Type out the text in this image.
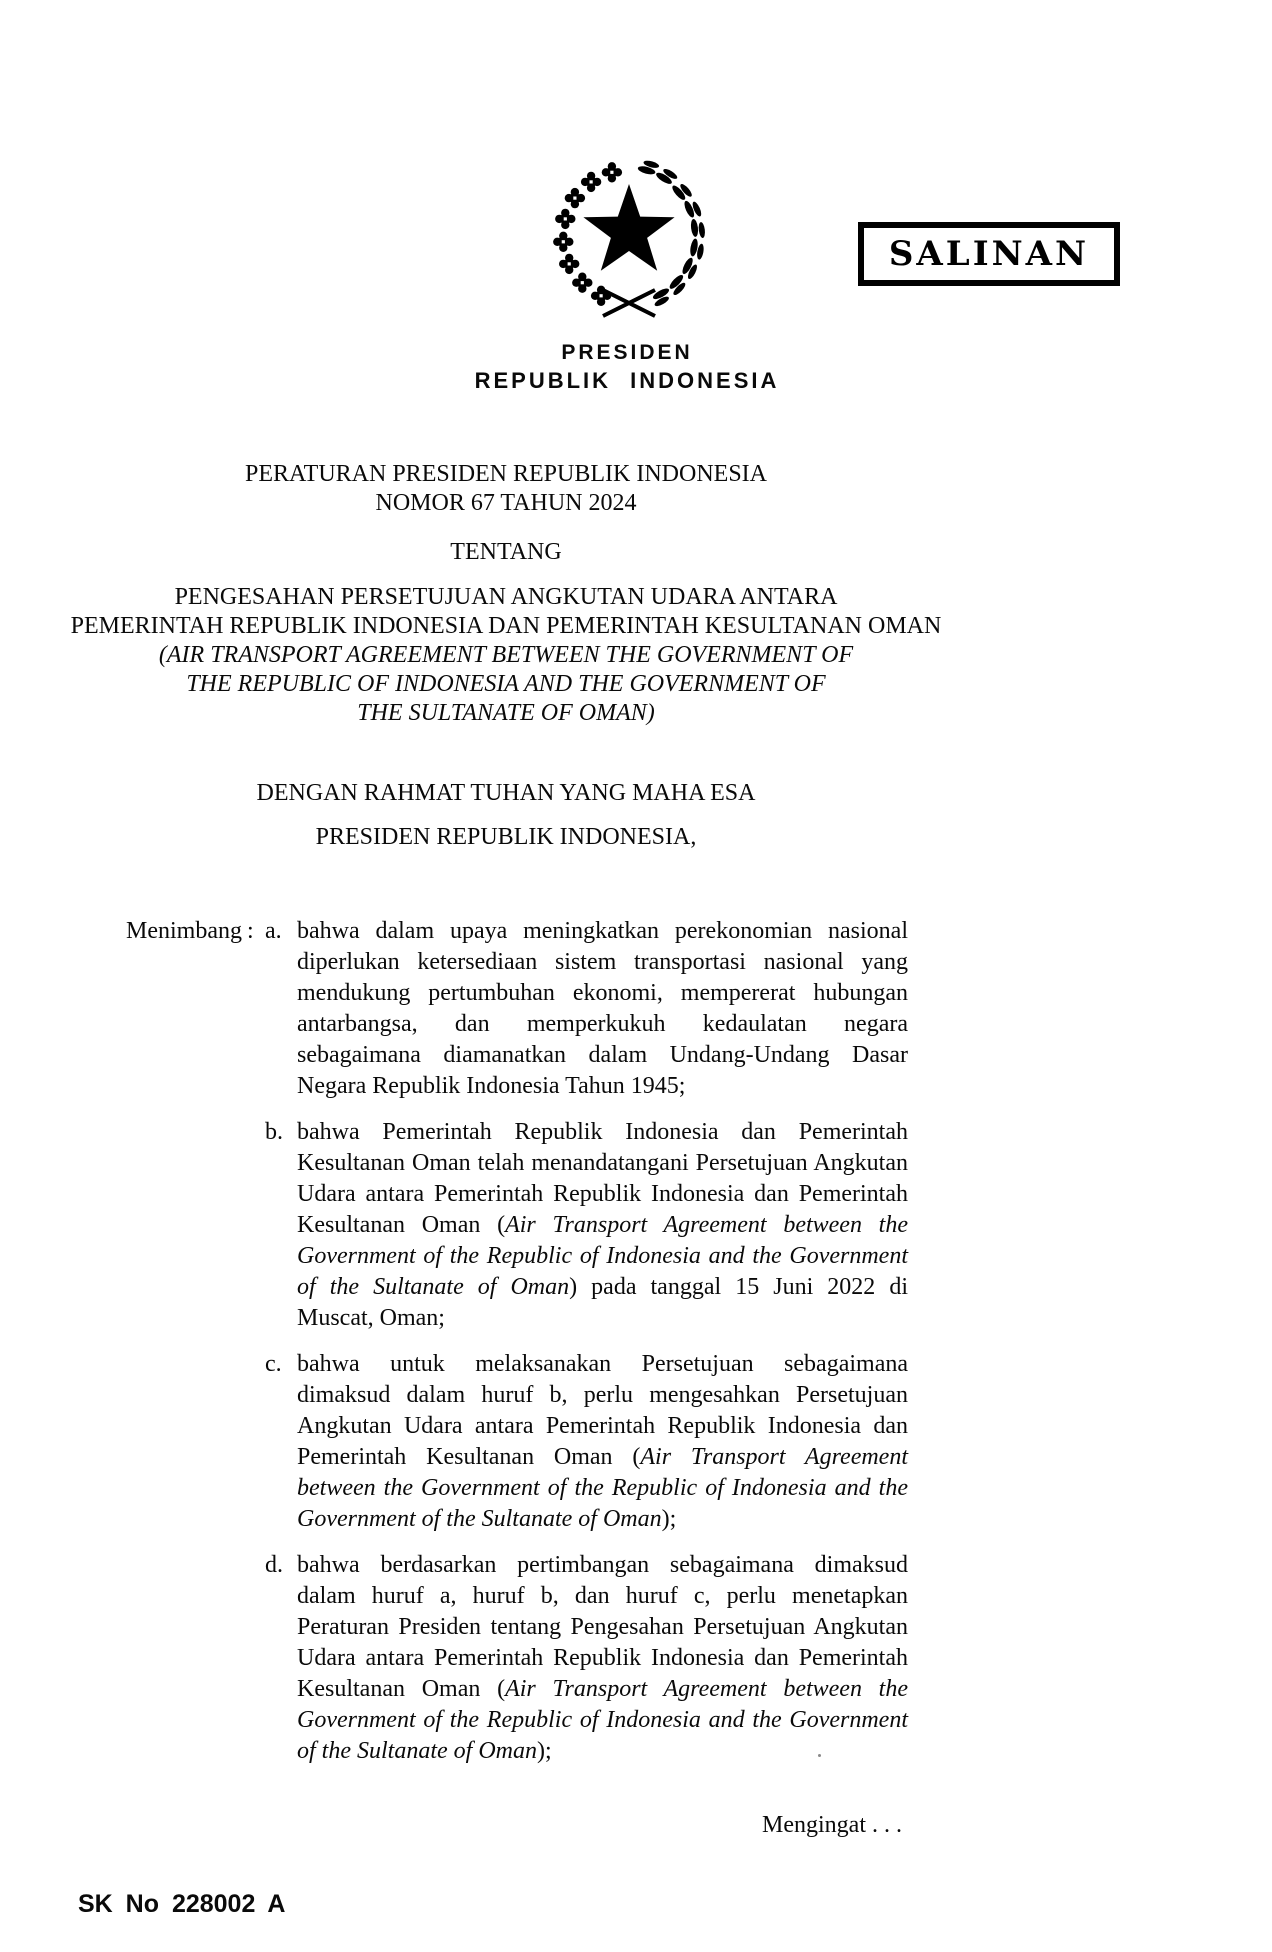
SALINAN
PRESIDEN
REPUBLIK INDONESIA
PERATURAN PRESIDEN REPUBLIK INDONESIA
NOMOR 67 TAHUN 2024
TENTANG
PENGESAHAN PERSETUJUAN ANGKUTAN UDARA ANTARA
PEMERINTAH REPUBLIK INDONESIA DAN PEMERINTAH KESULTANAN OMAN
(AIR TRANSPORT AGREEMENT BETWEEN THE GOVERNMENT OF
THE REPUBLIC OF INDONESIA AND THE GOVERNMENT OF
THE SULTANATE OF OMAN)
DENGAN RAHMAT TUHAN YANG MAHA ESA
PRESIDEN REPUBLIK INDONESIA,
Menimbang : a. bahwa dalam upaya meningkatkan perekonomian nasional diperlukan ketersediaan sistem transportasi nasional yang mendukung pertumbuhan ekonomi, mempererat hubungan antarbangsa, dan memperkukuh kedaulatan negara sebagaimana diamanatkan dalam Undang-Undang Dasar Negara Republik Indonesia Tahun 1945;
b. bahwa Pemerintah Republik Indonesia dan Pemerintah Kesultanan Oman telah menandatangani Persetujuan Angkutan Udara antara Pemerintah Republik Indonesia dan Pemerintah Kesultanan Oman (Air Transport Agreement between the Government of the Republic of Indonesia and the Government of the Sultanate of Oman) pada tanggal 15 Juni 2022 di Muscat, Oman;
c. bahwa untuk melaksanakan Persetujuan sebagaimana dimaksud dalam huruf b, perlu mengesahkan Persetujuan Angkutan Udara antara Pemerintah Republik Indonesia dan Pemerintah Kesultanan Oman (Air Transport Agreement between the Government of the Republic of Indonesia and the Government of the Sultanate of Oman);
d. bahwa berdasarkan pertimbangan sebagaimana dimaksud dalam huruf a, huruf b, dan huruf c, perlu menetapkan Peraturan Presiden tentang Pengesahan Persetujuan Angkutan Udara antara Pemerintah Republik Indonesia dan Pemerintah Kesultanan Oman (Air Transport Agreement between the Government of the Republic of Indonesia and the Government of the Sultanate of Oman);
Mengingat . . .
SK No 228002 A
